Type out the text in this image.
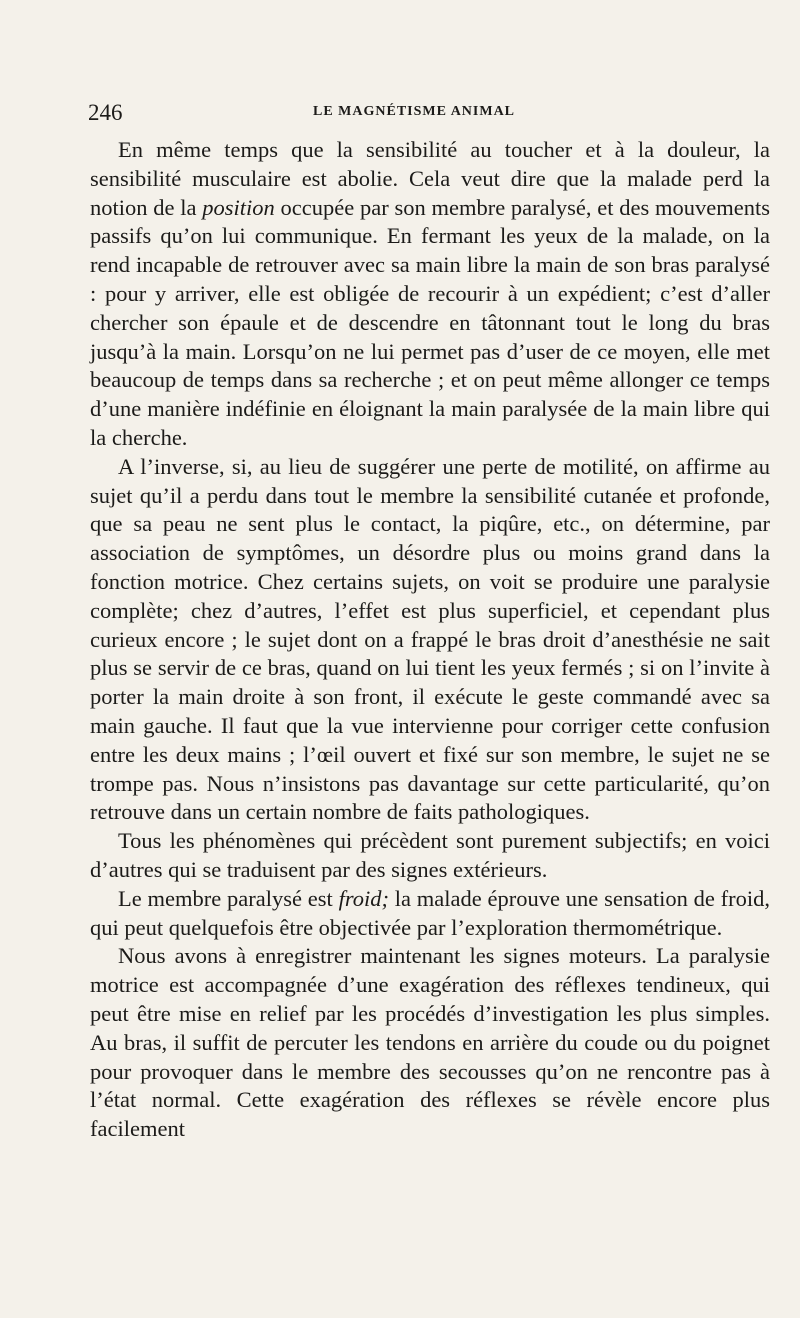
246	LE MAGNÉTISME ANIMAL

En même temps que la sensibilité au toucher et à la douleur, la sensibilité musculaire est abolie. Cela veut dire que la malade perd la notion de la position occupée par son membre paralysé, et des mouvements passifs qu’on lui communique. En fermant les yeux de la malade, on la rend incapable de retrouver avec sa main libre la main de son bras paralysé : pour y arriver, elle est obligée de recourir à un expédient; c’est d’aller chercher son épaule et de descendre en tâtonnant tout le long du bras jusqu’à la main. Lorsqu’on ne lui permet pas d’user de ce moyen, elle met beaucoup de temps dans sa recherche ; et on peut même allonger ce temps d’une manière indéfinie en éloignant la main paralysée de la main libre qui la cherche.

A l’inverse, si, au lieu de suggérer une perte de motilité, on affirme au sujet qu’il a perdu dans tout le membre la sensibilité cutanée et profonde, que sa peau ne sent plus le contact, la piqûre, etc., on détermine, par association de symptômes, un désordre plus ou moins grand dans la fonction motrice. Chez certains sujets, on voit se produire une paralysie complète; chez d’autres, l’effet est plus superficiel, et cependant plus curieux encore ; le sujet dont on a frappé le bras droit d’anesthésie ne sait plus se servir de ce bras, quand on lui tient les yeux fermés ; si on l’invite à porter la main droite à son front, il exécute le geste commandé avec sa main gauche. Il faut que la vue intervienne pour corriger cette confusion entre les deux mains ; l’œil ouvert et fixé sur son membre, le sujet ne se trompe pas. Nous n’insistons pas davantage sur cette particularité, qu’on retrouve dans un certain nombre de faits pathologiques.

Tous les phénomènes qui précèdent sont purement subjectifs; en voici d’autres qui se traduisent par des signes extérieurs.

Le membre paralysé est froid; la malade éprouve une sensation de froid, qui peut quelquefois être objectivée par l’exploration thermométrique.

Nous avons à enregistrer maintenant les signes moteurs. La paralysie motrice est accompagnée d’une exagération des réflexes tendineux, qui peut être mise en relief par les procédés d’investigation les plus simples. Au bras, il suffit de percuter les tendons en arrière du coude ou du poignet pour provoquer dans le membre des secousses qu’on ne rencontre pas à l’état normal. Cette exagération des réflexes se révèle encore plus facilement
